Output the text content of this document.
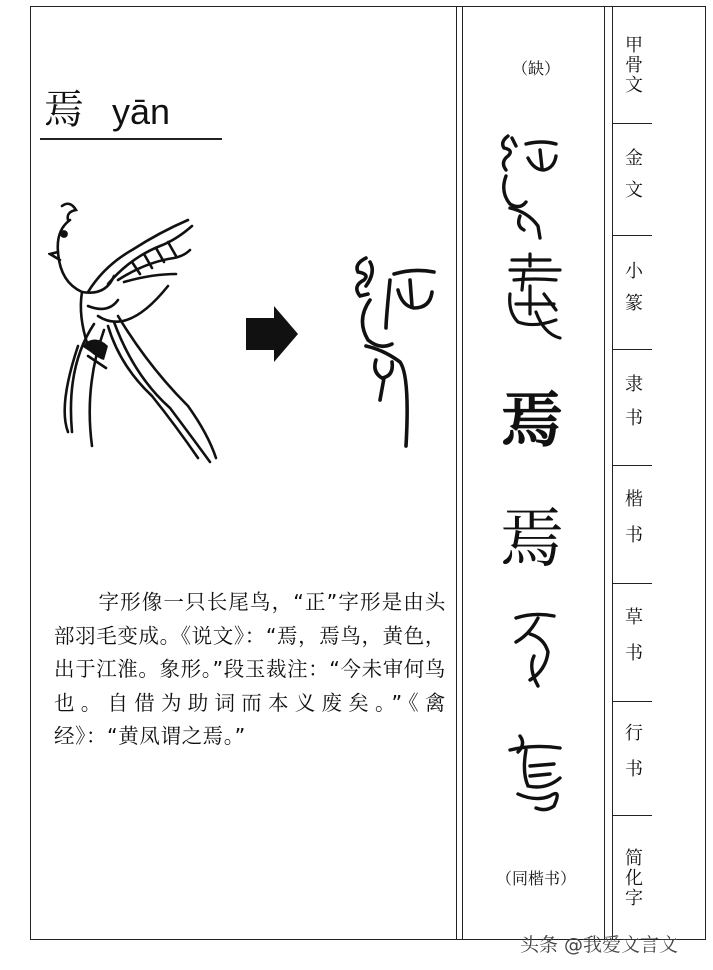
焉 yān
字形像一只长尾鸟，“正”字形是由头部羽毛变成。《说文》：“焉，焉鸟，黄色，出于江淮。象形。”段玉裁注：“今未审何鸟也。自借为助词而本义废矣。”《禽经》：“黄凤谓之焉。”
（缺）
焉
焉
（同楷书）
甲骨文
金文
小篆
隶书
楷书
草书
行书
简化字
头条 @我爱文言文
